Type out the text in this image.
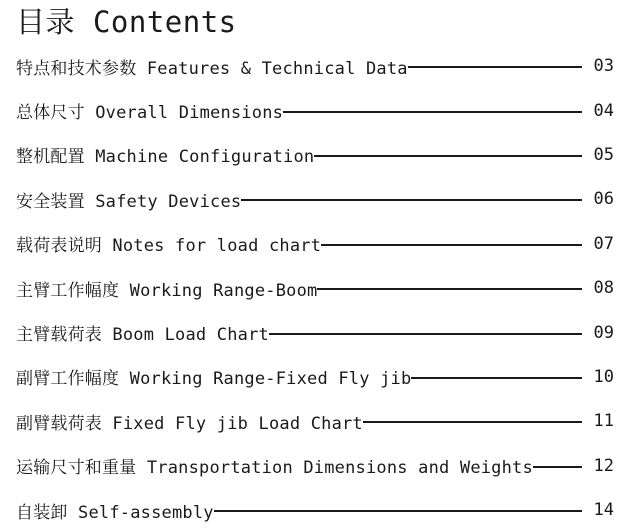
目录 Contents
特点和技术参数 Features & Technical Data	03
总体尺寸 Overall Dimensions	04
整机配置 Machine Configuration	05
安全装置 Safety Devices	06
载荷表说明 Notes for load chart	07
主臂工作幅度 Working Range-Boom	08
主臂载荷表 Boom Load Chart	09
副臂工作幅度 Working Range-Fixed Fly jib	10
副臂载荷表 Fixed Fly jib Load Chart	11
运输尺寸和重量 Transportation Dimensions and Weights	12
自装卸 Self-assembly	14
